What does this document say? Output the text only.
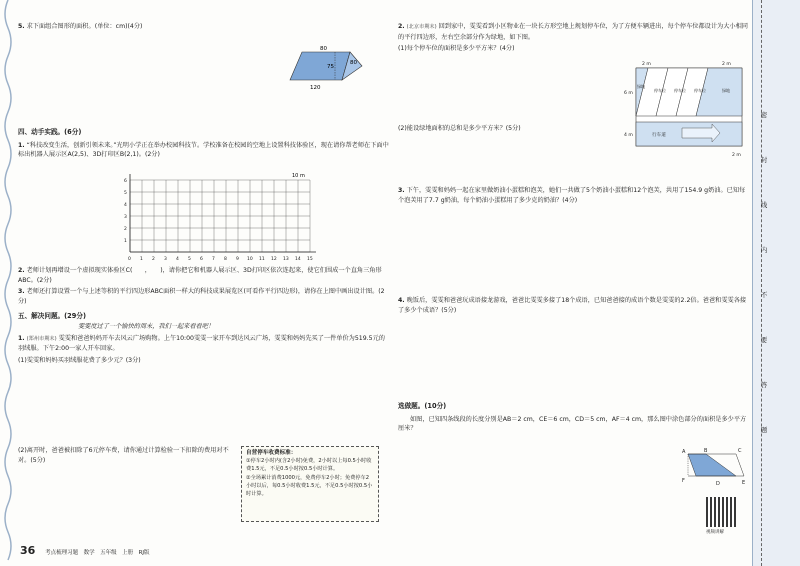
5. 求下面组合图形的面积。(单位：cm)(4分)

80
75
80
120
四、动手实践。(6分)

1. “科技改变生活，创新引领未来。”光明小学正在举办校园科技节。学校准备在校园的空地上设置科技体验区，现在请你帮老师在下面中标出机器人展示区A(2,5)、3D打印区B(2,1)。(2分)

10 m
0 1 2 3 4 5 6 7 8 9 10 11 12 13 14 15
1
2
3
4
5
6

2. 老师计划再增设一个虚拟现实体验区C(　　，　　)，请你把它和机器人展示区、3D打印区依次连起来，使它们围成一个直角三角形ABC。(2分)

3. 老师还打算设置一个与上述等积的平行四边形ABC面积一样大的科技成果展览区(可看作平行四边形)，请你在上图中画出设计图。(2分)

五、解决问题。(29分)
雯雯度过了一个愉快的周末，我们一起来看看吧！

1. (郑州市期末) 雯雯和爸爸妈妈开车去风云广场购物。上午10:00雯雯一家开车到达风云广场，雯雯和妈妈先买了一件单价为519.5元的羽绒服。下午2:00一家人开车回家。

(1)雯雯和妈妈买羽绒服花费了多少元？(3分)

(2)离开时，爸爸被扣除了6元停车费，请你通过计算检验一下扣除的费用对不对。(5分)

自营停车收费标准：
①停车2小时内(含2小时)免费，2小时以上每0.5小时收费1.5元，不足0.5小时按0.5小时计算。
②全场累计消费1000元，免费停车2小时；免费停车2小时以后，每0.5小时收费1.5元，不足0.5小时按0.5小时计算。
36 考点梳理习题　数学　五年级　上册　RJ版

2. (北京市期末) 回到家中，雯雯看到小区物业在一块长方形空地上规划停车位，为了方便车辆进出，每个停车位都设计为大小相同的平行四边形，左右空余部分作为绿地，如下图。

(1)每个停车位的面积是多少平方米？(4分)

(2)能设绿地面积的总和是多少平方米？(5分)

2 m	2 m
6 m
4 m
2 m
绿地
停车位 停车位 停车位	绿地
行车道

3. 下午，雯雯和妈妈一起在家里做奶油小蛋糕和泡芙，她们一共做了5个奶油小蛋糕和12个泡芙，共用了154.9 g奶油。已知每个泡芙用了7.7 g奶油，每个奶油小蛋糕用了多少克的奶油？(4分)

4. 晚饭后，雯雯和爸爸玩成语接龙游戏，爸爸比雯雯多接了18个成语，已知爸爸接的成语个数是雯雯的2.2倍。爸爸和雯雯各接了多少个成语？(5分)

选做题。(10分)

如图，已知四条线段的长度分别是AB＝2 cm，CE＝6 cm，CD＝5 cm，AF＝4 cm，那么图中涂色部分的面积是多少平方厘米？

A	B	C
D	E
F
视频讲解
密
封
线
内
不
要
答
题
